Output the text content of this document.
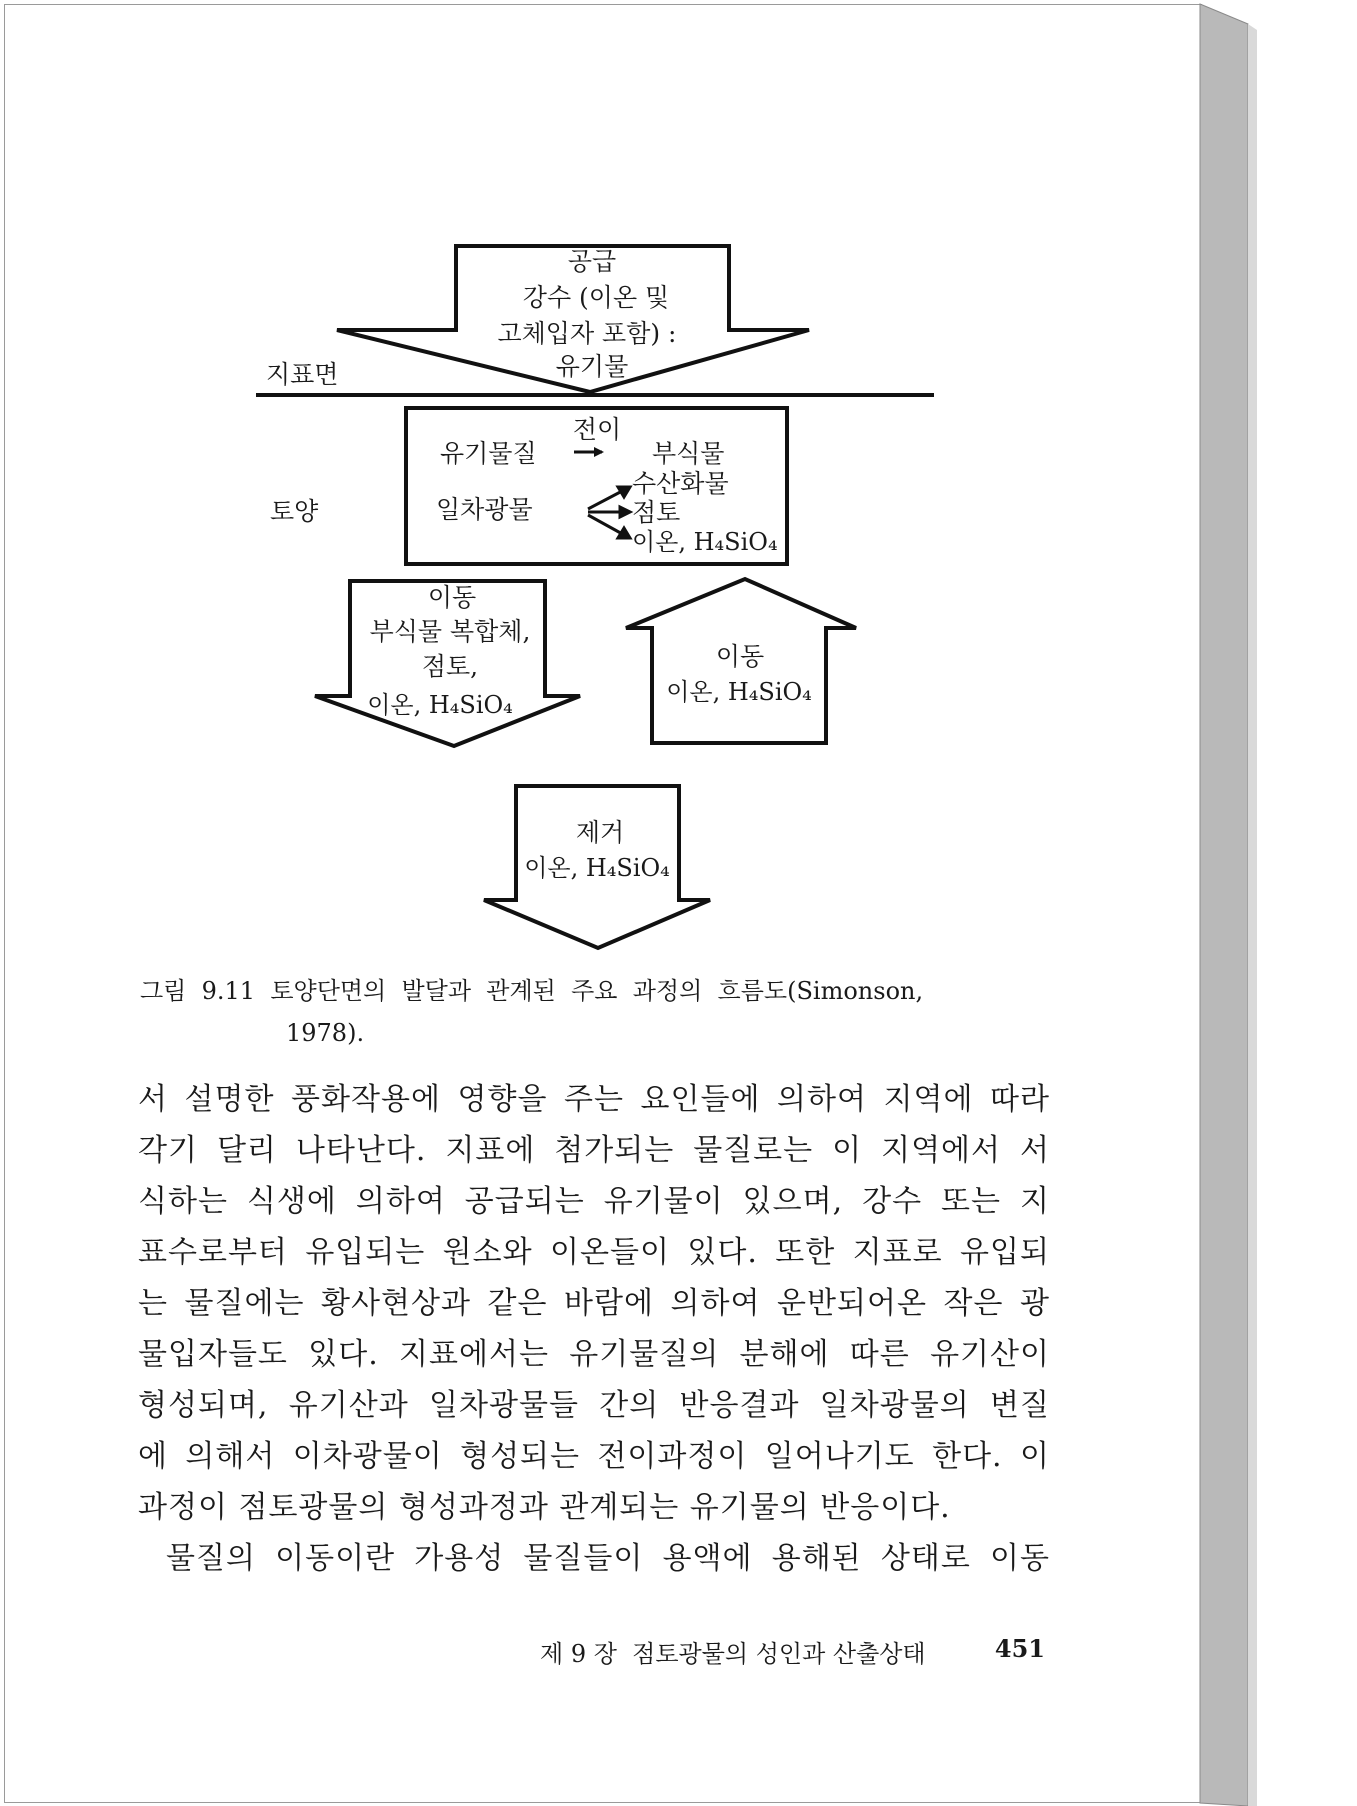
공급
강수 (이온 및
고체입자 포함) :
유기물
지표면
토양
전이
유기물질	부식물
일차광물
수산화물
점토
이온, H₄SiO₄
이동
부식물 복합체,
점토,
이온, H₄SiO₄
이동
이온, H₄SiO₄
제거
이온, H₄SiO₄
그림  9.11  토양단면의  발달과  관계된  주요  과정의  흐름도(Simonson,
1978).
서 설명한 풍화작용에 영향을 주는 요인들에 의하여 지역에 따라
각기 달리 나타난다. 지표에 첨가되는 물질로는 이 지역에서 서
식하는 식생에 의하여 공급되는 유기물이 있으며, 강수 또는 지
표수로부터 유입되는 원소와 이온들이 있다. 또한 지표로 유입되
는 물질에는 황사현상과 같은 바람에 의하여 운반되어온 작은 광
물입자들도 있다. 지표에서는 유기물질의 분해에 따른 유기산이
형성되며, 유기산과 일차광물들 간의 반응결과 일차광물의 변질
에 의해서 이차광물이 형성되는 전이과정이 일어나기도 한다. 이
과정이 점토광물의 형성과정과 관계되는 유기물의 반응이다.
물질의 이동이란 가용성 물질들이 용액에 용해된 상태로 이동
제 9 장  점토광물의 성인과 산출상태	451
